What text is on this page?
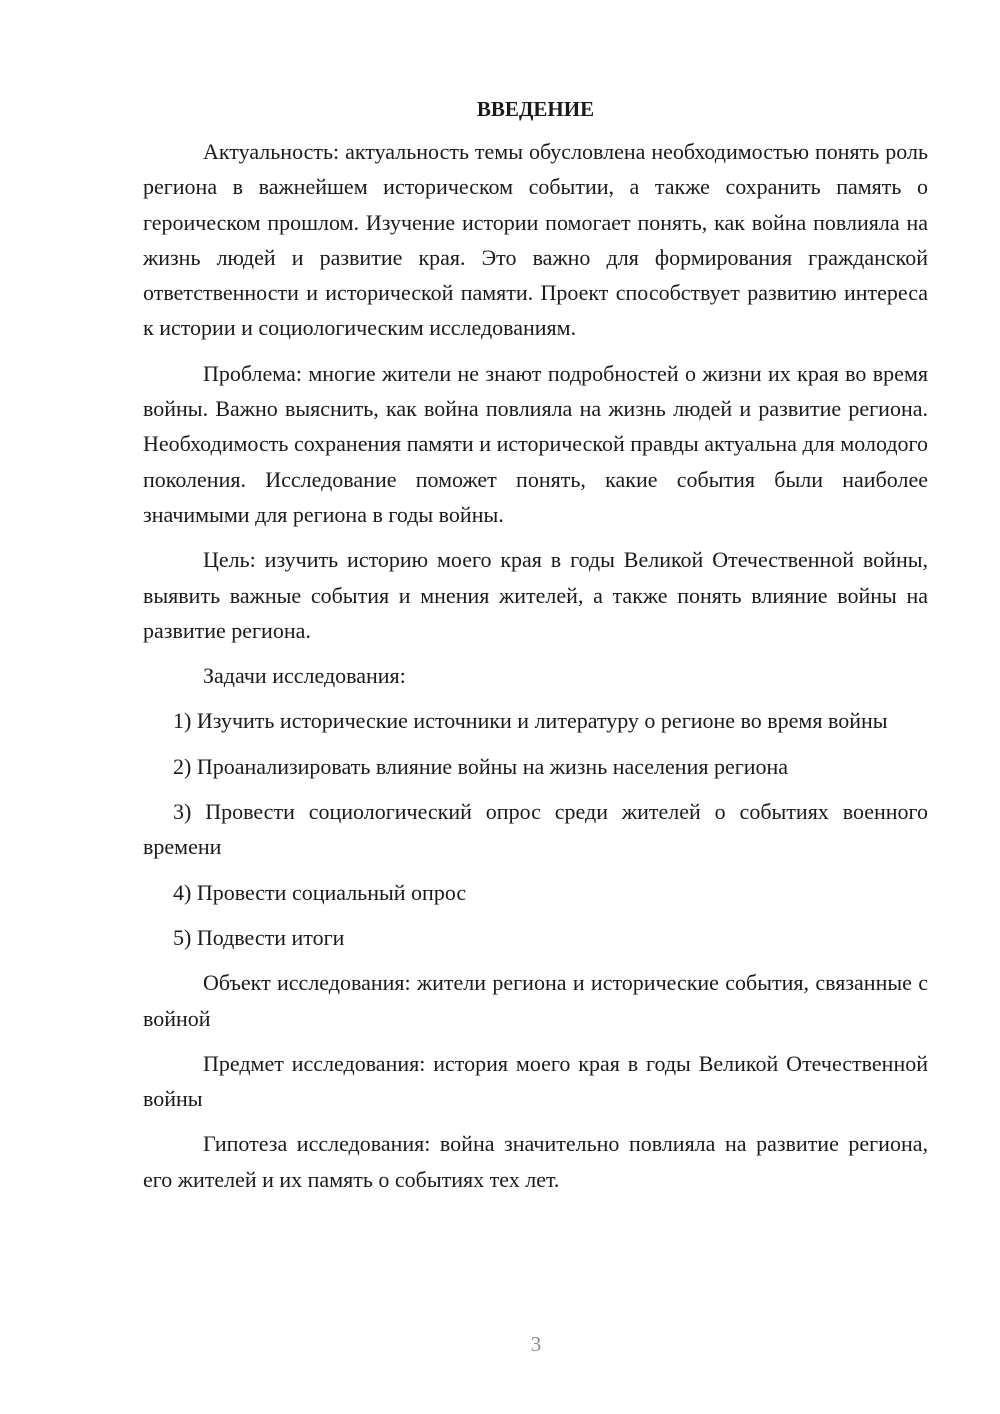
ВВЕДЕНИЕ

Актуальность: актуальность темы обусловлена необходимостью понять роль региона в важнейшем историческом событии, а также сохранить память о героическом прошлом. Изучение истории помогает понять, как война повлияла на жизнь людей и развитие края. Это важно для формирования гражданской ответственности и исторической памяти. Проект способствует развитию интереса к истории и социологическим исследованиям.

Проблема: многие жители не знают подробностей о жизни их края во время войны. Важно выяснить, как война повлияла на жизнь людей и развитие региона. Необходимость сохранения памяти и исторической правды актуальна для молодого поколения. Исследование поможет понять, какие события были наиболее значимыми для региона в годы войны.

Цель: изучить историю моего края в годы Великой Отечественной войны, выявить важные события и мнения жителей, а также понять влияние войны на развитие региона.

Задачи исследования:

1) Изучить исторические источники и литературу о регионе во время войны

2) Проанализировать влияние войны на жизнь населения региона

3) Провести социологический опрос среди жителей о событиях военного времени

4) Провести социальный опрос

5) Подвести итоги

Объект исследования: жители региона и исторические события, связанные с войной

Предмет исследования: история моего края в годы Великой Отечественной войны

Гипотеза исследования: война значительно повлияла на развитие региона, его жителей и их память о событиях тех лет.

3
